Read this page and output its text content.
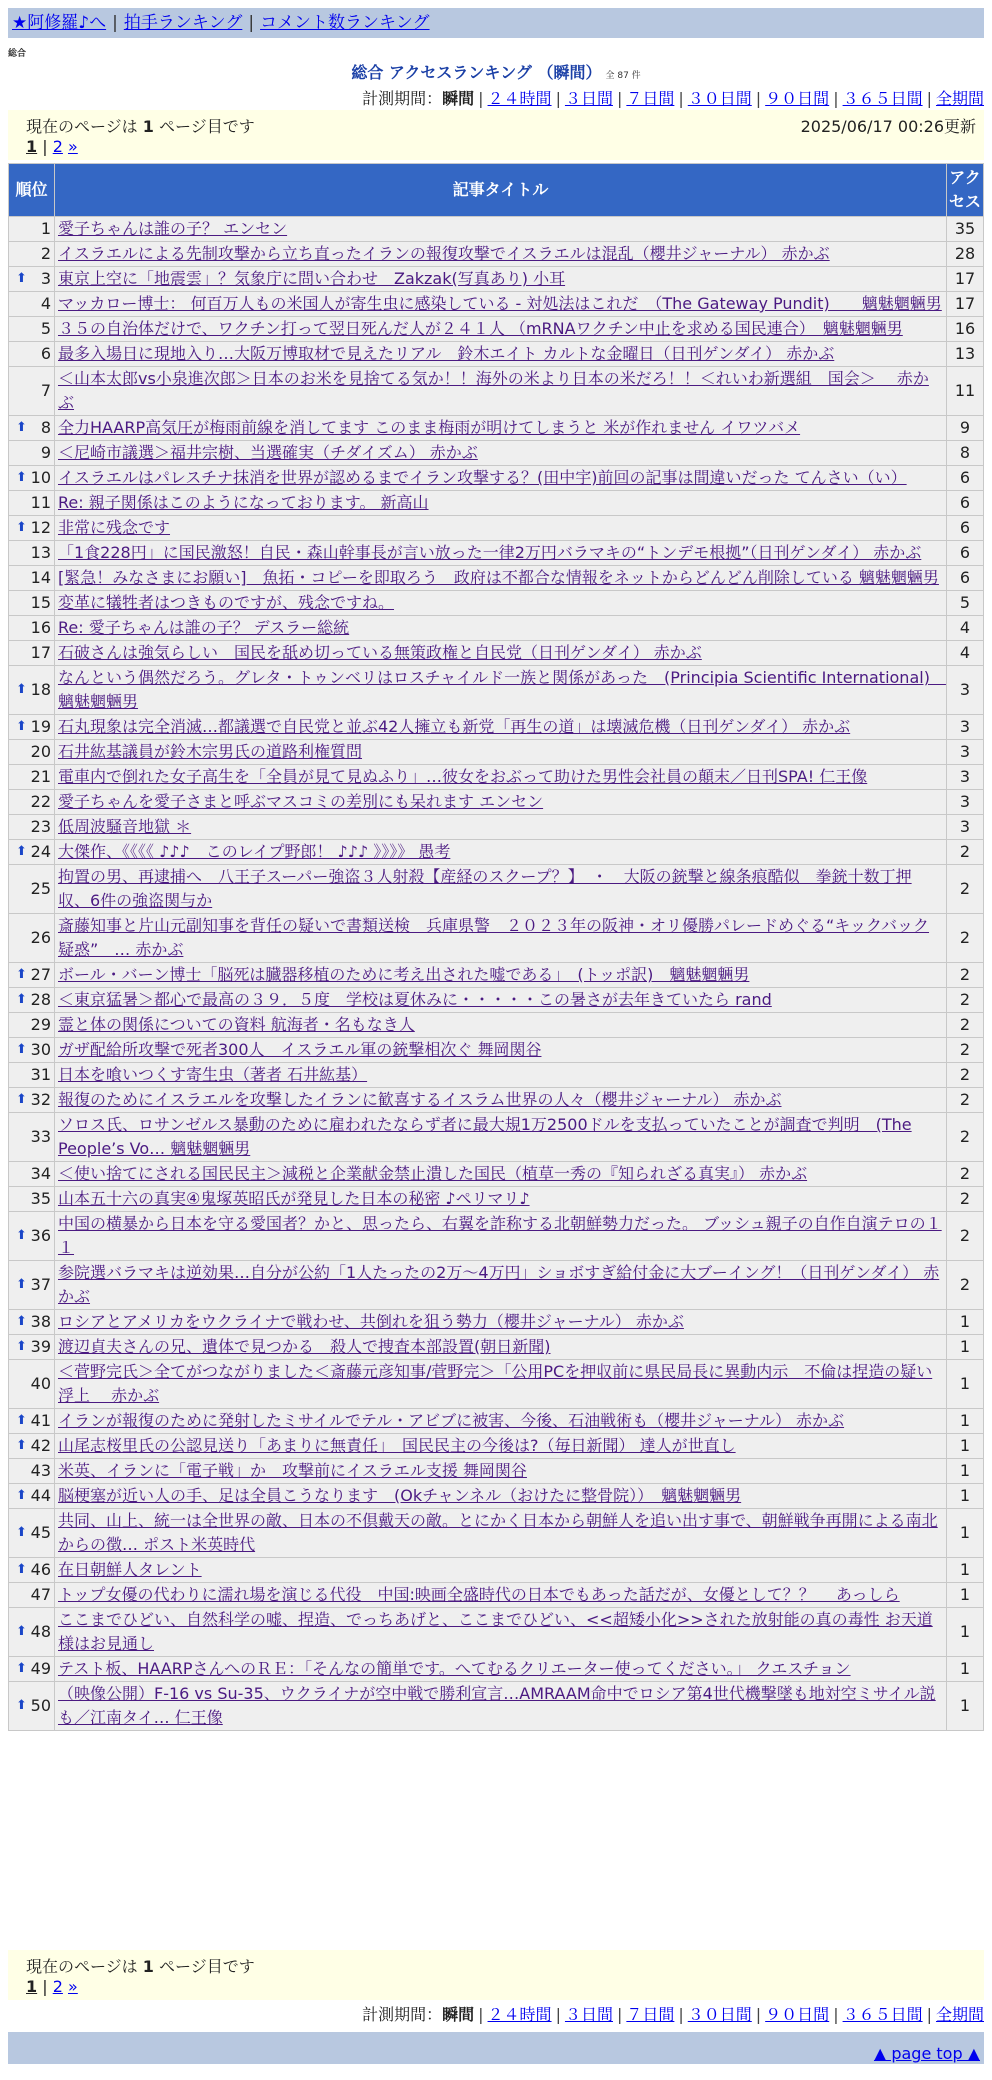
★阿修羅♪へ | 拍手ランキング | コメント数ランキング
総合
総合 アクセスランキング （瞬間） 全 87 件
計測期間：瞬間 | ２４時間 | ３日間 | ７日間 | ３０日間 | ９０日間 | ３６５日間 | 全期間
現在のページは 1 ページ目です	2025/06/17 00:26更新
1 | 2 »
順位	記事タイトル	アクセス
1	愛子ちゃんは誰の子？ エンセン	35
2	イスラエルによる先制攻撃から立ち直ったイランの報復攻撃でイスラエルは混乱（櫻井ジャーナル） 赤かぶ	28

⬆ 3	東京上空に「地震雲」？気象庁に問い合わせ　Zakzak(写真あり) 小耳	17
4	マッカロー博士： 何百万人もの米国人が寄生虫に感染している - 対処法はこれだ　（The Gateway Pundit)　　魑魅魍魎男	17
5	３５の自治体だけで、ワクチン打って翌日死んだ人が２４１人 （mRNAワクチン中止を求める国民連合）　魑魅魍魎男	16
6	最多入場日に現地入り…大阪万博取材で見えたリアル　鈴木エイト カルトな金曜日（日刊ゲンダイ） 赤かぶ	13
7	＜山本太郎vs小泉進次郎＞日本のお米を見捨てる気か！！海外の米より日本の米だろ！！＜れいわ新選組　国会＞　 赤かぶ	11

⬆ 8	全力HAARP高気圧が梅雨前線を消してます このまま梅雨が明けてしまうと 米が作れません イワツバメ	9
9	＜尼崎市議選＞福井宗樹、当選確実（チダイズム） 赤かぶ	8

⬆ 10	イスラエルはパレスチナ抹消を世界が認めるまでイラン攻撃する？(田中宇)前回の記事は間違いだった てんさい（い）	6
11	Re: 親子関係はこのようになっております。 新高山	6

⬆ 12	非常に残念です	6
13	「1食228円」に国民激怒！自民・森山幹事長が言い放った一律2万円バラマキの“トンデモ根拠”（日刊ゲンダイ） 赤かぶ	6
14	[緊急！みなさまにお願い]　魚拓・コピーを即取ろう　政府は不都合な情報をネットからどんどん削除している 魑魅魍魎男	6
15	変革に犠牲者はつきものですが、残念ですね。	5
16	Re: 愛子ちゃんは誰の子？ デスラー総統	4
17	石破さんは強気らしい　国民を舐め切っている無策政権と自民党（日刊ゲンダイ） 赤かぶ	4

⬆ 18	なんという偶然だろう。グレタ・トゥンベリはロスチャイルド一族と関係があった　(Principia Scientific International)　魑魅魍魎男	3

⬆ 19	石丸現象は完全消滅…都議選で自民党と並ぶ42人擁立も新党「再生の道」は壊滅危機（日刊ゲンダイ） 赤かぶ	3
20	石井紘基議員が鈴木宗男氏の道路利権質問	3
21	電車内で倒れた女子高生を「全員が見て見ぬふり」…彼女をおぶって助けた男性会社員の顛末／日刊SPA! 仁王像	3
22	愛子ちゃんを愛子さまと呼ぶマスコミの差別にも呆れます エンセン	3
23	低周波騒音地獄 ＊	3

⬆ 24	大傑作、《《《《 ♪♪♪　このレイプ野郎！ ♪♪♪ 》》》》 愚考	2
25	拘置の男、再逮捕へ　八王子スーパー強盗３人射殺【産経のスクープ？】　・　大阪の銃撃と線条痕酷似　拳銃十数丁押収、6件の強盗関与か	2
26	斎藤知事と片山元副知事を背任の疑いで書類送検　兵庫県警　２０２３年の阪神・オリ優勝パレードめぐる“キックバック疑惑”　… 赤かぶ	2

⬆ 27	ボール・バーン博士「脳死は臓器移植のために考え出された嘘である」　(トッポ訳)　魑魅魍魎男	2

⬆ 28	＜東京猛暑＞都心で最高の３９．５度　学校は夏休みに・・・・・この暑さが去年きていたら rand	2
29	霊と体の関係についての資料 航海者・名もなき人	2

⬆ 30	ガザ配給所攻撃で死者300人　イスラエル軍の銃撃相次ぐ 舞岡関谷	2
31	日本を喰いつくす寄生虫（著者 石井紘基）	2

⬆ 32	報復のためにイスラエルを攻撃したイランに歓喜するイスラム世界の人々（櫻井ジャーナル） 赤かぶ	2
33	ソロス氏、ロサンゼルス暴動のために雇われたならず者に最大規1万2500ドルを支払っていたことが調査で判明　(The People’s Vo… 魑魅魍魎男	2
34	＜使い捨てにされる国民民主＞減税と企業献金禁止潰した国民（植草一秀の『知られざる真実』） 赤かぶ	2
35	山本五十六の真実④鬼塚英昭氏が発見した日本の秘密 ♪ペリマリ♪	2

⬆ 36	中国の横暴から日本を守る愛国者？かと、思ったら、右翼を詐称する北朝鮮勢力だった。 ブッシュ親子の自作自演テロの１１	2

⬆ 37	参院選バラマキは逆効果…自分が公約「1人たったの2万～4万円」ショボすぎ給付金に大ブーイング！（日刊ゲンダイ） 赤かぶ	2

⬆ 38	ロシアとアメリカをウクライナで戦わせ、共倒れを狙う勢力（櫻井ジャーナル） 赤かぶ	1

⬆ 39	渡辺貞夫さんの兄、遺体で見つかる　殺人で捜査本部設置(朝日新聞)	1
40	＜菅野完氏＞全てがつながりました＜斎藤元彦知事/菅野完＞「公用PCを押収前に県民局長に異動内示　不倫は捏造の疑い浮上　 赤かぶ	1

⬆ 41	イランが報復のために発射したミサイルでテル・アビブに被害、今後、石油戦術も（櫻井ジャーナル） 赤かぶ	1

⬆ 42	山尾志桜里氏の公認見送り「あまりに無責任」　国民民主の今後は?（毎日新聞） 達人が世直し	1
43	米英、イランに「電子戦」か　攻撃前にイスラエル支援 舞岡関谷	1

⬆ 44	脳梗塞が近い人の手、足は全員こうなります　(Okチャンネル（おけたに整骨院））　魑魅魍魎男	1

⬆ 45	共同、山上、統一は全世界の敵、日本の不倶戴天の敵。とにかく日本から朝鮮人を追い出す事で、朝鮮戦争再開による南北からの徴… ポスト米英時代	1

⬆ 46	在日朝鮮人タレント	1
47	トップ女優の代わりに濡れ場を演じる代役　中国:映画全盛時代の日本でもあった話だが、女優として？？　 あっしら	1

⬆ 48	ここまでひどい、自然科学の嘘、捏造、でっちあげと、ここまでひどい、<<超矮小化>>された放射能の真の毒性 お天道様はお見通し	1

⬆ 49	テスト板、HAARPさんへのＲＥ：「そんなの簡単です。へてむるクリエーター使ってください。」 クエスチョン	1

⬆ 50	（映像公開）F-16 vs Su-35、ウクライナが空中戦で勝利宣言…AMRAAM命中でロシア第4世代機撃墜も地対空ミサイル説も／江南タイ… 仁王像	1
現在のページは 1 ページ目です
1 | 2 »
計測期間：瞬間 | ２４時間 | ３日間 | ７日間 | ３０日間 | ９０日間 | ３６５日間 | 全期間
▲ page top ▲
